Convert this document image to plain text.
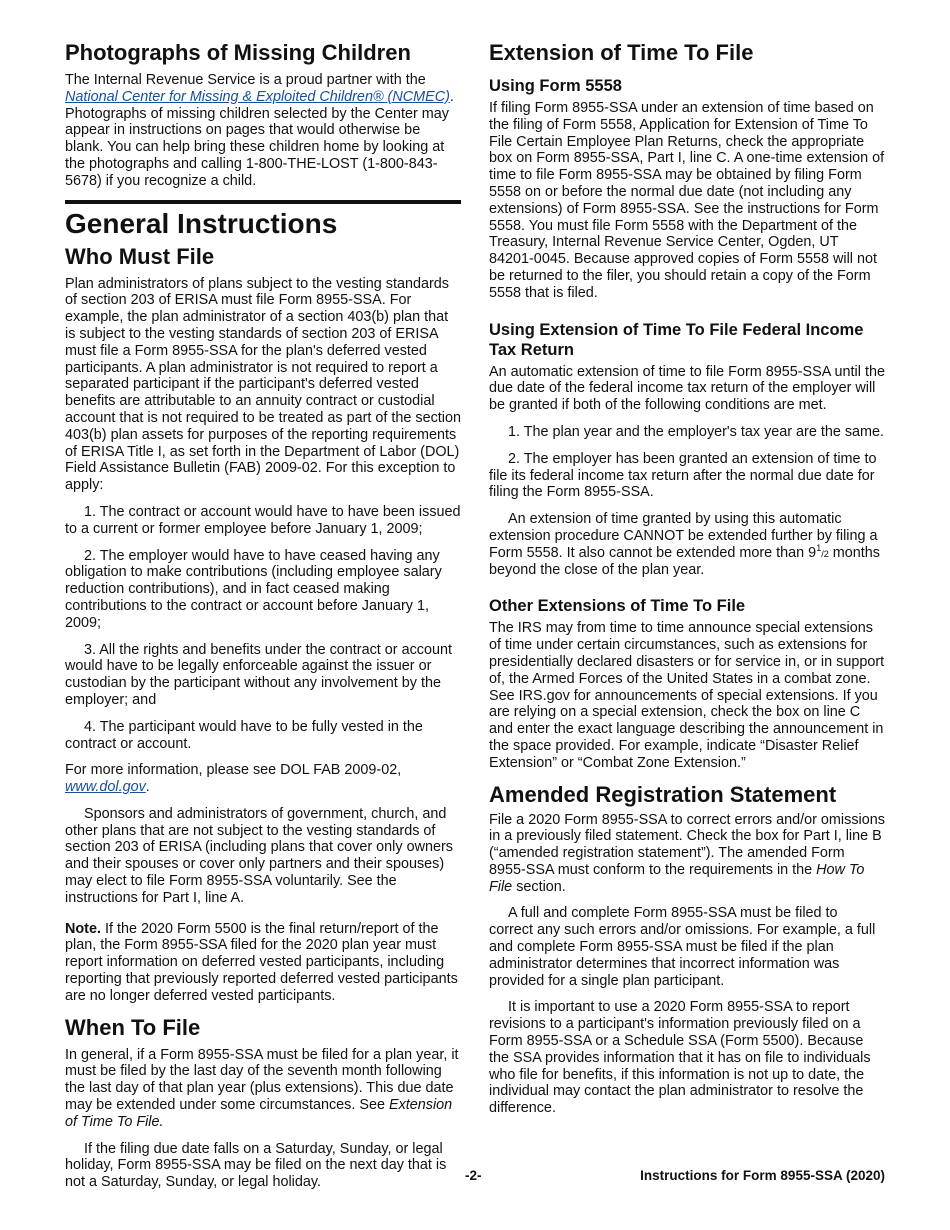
Photographs of Missing Children

The Internal Revenue Service is a proud partner with the National Center for Missing & Exploited Children® (NCMEC). Photographs of missing children selected by the Center may appear in instructions on pages that would otherwise be blank. You can help bring these children home by looking at the photographs and calling 1-800-THE-LOST (1-800-843-5678) if you recognize a child.

General Instructions
Who Must File

Plan administrators of plans subject to the vesting standards of section 203 of ERISA must file Form 8955-SSA. For example, the plan administrator of a section 403(b) plan that is subject to the vesting standards of section 203 of ERISA must file a Form 8955-SSA for the plan's deferred vested participants. A plan administrator is not required to report a separated participant if the participant's deferred vested benefits are attributable to an annuity contract or custodial account that is not required to be treated as part of the section 403(b) plan assets for purposes of the reporting requirements of ERISA Title I, as set forth in the Department of Labor (DOL) Field Assistance Bulletin (FAB) 2009-02. For this exception to apply:

1. The contract or account would have to have been issued to a current or former employee before January 1, 2009;

2. The employer would have to have ceased having any obligation to make contributions (including employee salary reduction contributions), and in fact ceased making contributions to the contract or account before January 1, 2009;

3. All the rights and benefits under the contract or account would have to be legally enforceable against the issuer or custodian by the participant without any involvement by the employer; and

4. The participant would have to be fully vested in the contract or account.

For more information, please see DOL FAB 2009-02, www.dol.gov.

Sponsors and administrators of government, church, and other plans that are not subject to the vesting standards of section 203 of ERISA (including plans that cover only owners and their spouses or cover only partners and their spouses) may elect to file Form 8955-SSA voluntarily. See the instructions for Part I, line A.

Note. If the 2020 Form 5500 is the final return/report of the plan, the Form 8955-SSA filed for the 2020 plan year must report information on deferred vested participants, including reporting that previously reported deferred vested participants are no longer deferred vested participants.

When To File

In general, if a Form 8955-SSA must be filed for a plan year, it must be filed by the last day of the seventh month following the last day of that plan year (plus extensions). This due date may be extended under some circumstances. See Extension of Time To File.

If the filing due date falls on a Saturday, Sunday, or legal holiday, Form 8955-SSA may be filed on the next day that is not a Saturday, Sunday, or legal holiday.

Extension of Time To File
Using Form 5558

If filing Form 8955-SSA under an extension of time based on the filing of Form 5558, Application for Extension of Time To File Certain Employee Plan Returns, check the appropriate box on Form 8955-SSA, Part I, line C. A one-time extension of time to file Form 8955-SSA may be obtained by filing Form 5558 on or before the normal due date (not including any extensions) of Form 8955-SSA. See the instructions for Form 5558. You must file Form 5558 with the Department of the Treasury, Internal Revenue Service Center, Ogden, UT 84201-0045. Because approved copies of Form 5558 will not be returned to the filer, you should retain a copy of the Form 5558 that is filed.

Using Extension of Time To File Federal Income Tax Return

An automatic extension of time to file Form 8955-SSA until the due date of the federal income tax return of the employer will be granted if both of the following conditions are met.

1. The plan year and the employer's tax year are the same.

2. The employer has been granted an extension of time to file its federal income tax return after the normal due date for filing the Form 8955-SSA.

An extension of time granted by using this automatic extension procedure CANNOT be extended further by filing a Form 5558. It also cannot be extended more than $9^1/2$ months beyond the close of the plan year.

Other Extensions of Time To File

The IRS may from time to time announce special extensions of time under certain circumstances, such as extensions for presidentially declared disasters or for service in, or in support of, the Armed Forces of the United States in a combat zone. See IRS.gov for announcements of special extensions. If you are relying on a special extension, check the box on line C and enter the exact language describing the announcement in the space provided. For example, indicate “Disaster Relief Extension” or “Combat Zone Extension.”

Amended Registration Statement

File a 2020 Form 8955-SSA to correct errors and/or omissions in a previously filed statement. Check the box for Part I, line B (“amended registration statement”). The amended Form 8955-SSA must conform to the requirements in the How To File section.

A full and complete Form 8955-SSA must be filed to correct any such errors and/or omissions. For example, a full and complete Form 8955-SSA must be filed if the plan administrator determines that incorrect information was provided for a single plan participant.

It is important to use a 2020 Form 8955-SSA to report revisions to a participant's information previously filed on a Form 8955-SSA or a Schedule SSA (Form 5500). Because the SSA provides information that it has on file to individuals who file for benefits, if this information is not up to date, the individual may contact the plan administrator to resolve the difference.

-2-	Instructions for Form 8955-SSA (2020)
